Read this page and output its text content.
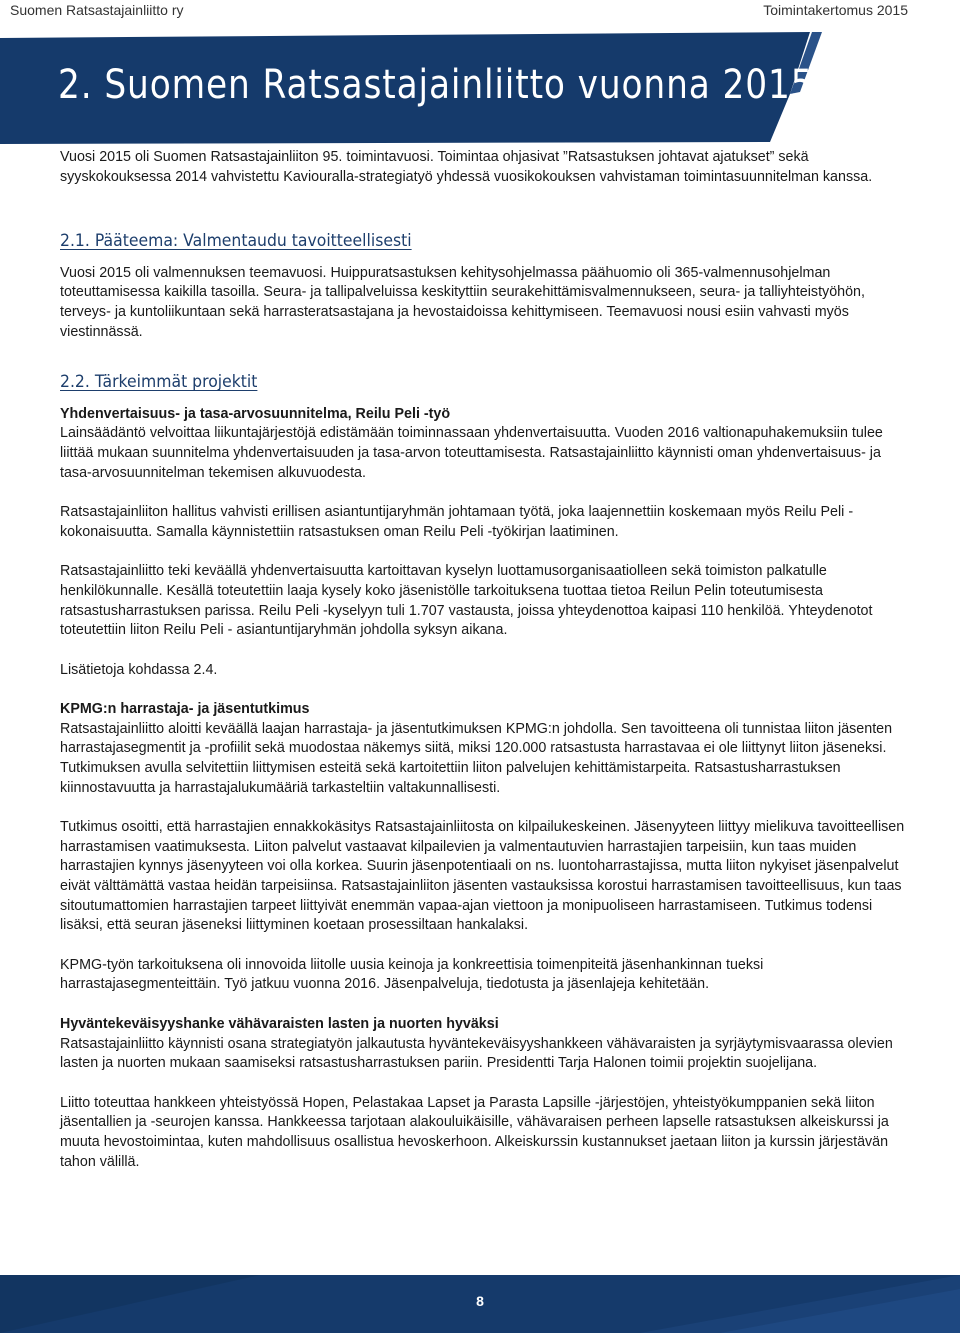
Suomen Ratsastajainliitto ry	Toimintakertomus 2015
2. Suomen Ratsastajainliitto vuonna 2015

Vuosi 2015 oli Suomen Ratsastajainliiton 95. toimintavuosi. Toimintaa ohjasivat ”Ratsastuksen johtavat ajatukset” sekä syyskokouksessa 2014 vahvistettu Kaviouralla-strategiatyö yhdessä vuosikokouksen vahvistaman toimintasuunnitelman kanssa.

2.1. Pääteema: Valmentaudu tavoitteellisesti

Vuosi 2015 oli valmennuksen teemavuosi. Huippuratsastuksen kehitysohjelmassa päähuomio oli 365-valmennusohjelman toteuttamisessa kaikilla tasoilla. Seura- ja tallipalveluissa keskityttiin seurakehittämisvalmennukseen, seura- ja talliyhteistyöhön, terveys- ja kuntoliikuntaan sekä harrasteratsastajana ja hevostaidoissa kehittymiseen. Teemavuosi nousi esiin vahvasti myös viestinnässä.

2.2. Tärkeimmät projektit

Yhdenvertaisuus- ja tasa-arvosuunnitelma, Reilu Peli -työ

Lainsäädäntö velvoittaa liikuntajärjestöjä edistämään toiminnassaan yhdenvertaisuutta. Vuoden 2016 valtionapuhakemuksiin tulee liittää mukaan suunnitelma yhdenvertaisuuden ja tasa-arvon toteuttamisesta. Ratsastajainliitto käynnisti oman yhdenvertaisuus- ja tasa-arvosuunnitelman tekemisen alkuvuodesta.

Ratsastajainliiton hallitus vahvisti erillisen asiantuntijaryhmän johtamaan työtä, joka laajennettiin koskemaan myös Reilu Peli -kokonaisuutta. Samalla käynnistettiin ratsastuksen oman Reilu Peli -työkirjan laatiminen.

Ratsastajainliitto teki keväällä yhdenvertaisuutta kartoittavan kyselyn luottamusorganisaatiolleen sekä toimiston palkatulle henkilökunnalle. Kesällä toteutettiin laaja kysely koko jäsenistölle tarkoituksena tuottaa tietoa Reilun Pelin toteutumisesta ratsastusharrastuksen parissa. Reilu Peli -kyselyyn tuli 1.707 vastausta, joissa yhteydenottoa kaipasi 110 henkilöä. Yhteydenotot toteutettiin liiton Reilu Peli - asiantuntijaryhmän johdolla syksyn aikana.

Lisätietoja kohdassa 2.4.

KPMG:n harrastaja- ja jäsentutkimus

Ratsastajainliitto aloitti keväällä laajan harrastaja- ja jäsentutkimuksen KPMG:n johdolla. Sen tavoitteena oli tunnistaa liiton jäsenten harrastajasegmentit ja -profiilit sekä muodostaa näkemys siitä, miksi 120.000 ratsastusta harrastavaa ei ole liittynyt liiton jäseneksi. Tutkimuksen avulla selvitettiin liittymisen esteitä sekä kartoitettiin liiton palvelujen kehittämistarpeita. Ratsastusharrastuksen kiinnostavuutta ja harrastajalukumääriä tarkasteltiin valtakunnallisesti.

Tutkimus osoitti, että harrastajien ennakkokäsitys Ratsastajainliitosta on kilpailukeskeinen. Jäsenyyteen liittyy mielikuva tavoitteellisen harrastamisen vaatimuksesta. Liiton palvelut vastaavat kilpailevien ja valmentautuvien harrastajien tarpeisiin, kun taas muiden harrastajien kynnys jäsenyyteen voi olla korkea. Suurin jäsenpotentiaali on ns. luontoharrastajissa, mutta liiton nykyiset jäsenpalvelut eivät välttämättä vastaa heidän tarpeisiinsa. Ratsastajainliiton jäsenten vastauksissa korostui harrastamisen tavoitteellisuus, kun taas sitoutumattomien harrastajien tarpeet liittyivät enemmän vapaa-ajan viettoon ja monipuoliseen harrastamiseen. Tutkimus todensi lisäksi, että seuran jäseneksi liittyminen koetaan prosessiltaan hankalaksi.

KPMG-työn tarkoituksena oli innovoida liitolle uusia keinoja ja konkreettisia toimenpiteitä jäsenhankinnan tueksi harrastajasegmenteittäin. Työ jatkuu vuonna 2016. Jäsenpalveluja, tiedotusta ja jäsenlajeja kehitetään.

Hyväntekeväisyyshanke vähävaraisten lasten ja nuorten hyväksi

Ratsastajainliitto käynnisti osana strategiatyön jalkautusta hyväntekeväisyyshankkeen vähävaraisten ja syrjäytymisvaarassa olevien lasten ja nuorten mukaan saamiseksi ratsastusharrastuksen pariin. Presidentti Tarja Halonen toimii projektin suojelijana.

Liitto toteuttaa hankkeen yhteistyössä Hopen, Pelastakaa Lapset ja Parasta Lapsille -järjestöjen, yhteistyökumppanien sekä liiton jäsentallien ja -seurojen kanssa. Hankkeessa tarjotaan alakouluikäisille, vähävaraisen perheen lapselle ratsastuksen alkeiskurssi ja muuta hevostoimintaa, kuten mahdollisuus osallistua hevoskerhoon. Alkeiskurssin kustannukset jaetaan liiton ja kurssin järjestävän tahon välillä.

8
